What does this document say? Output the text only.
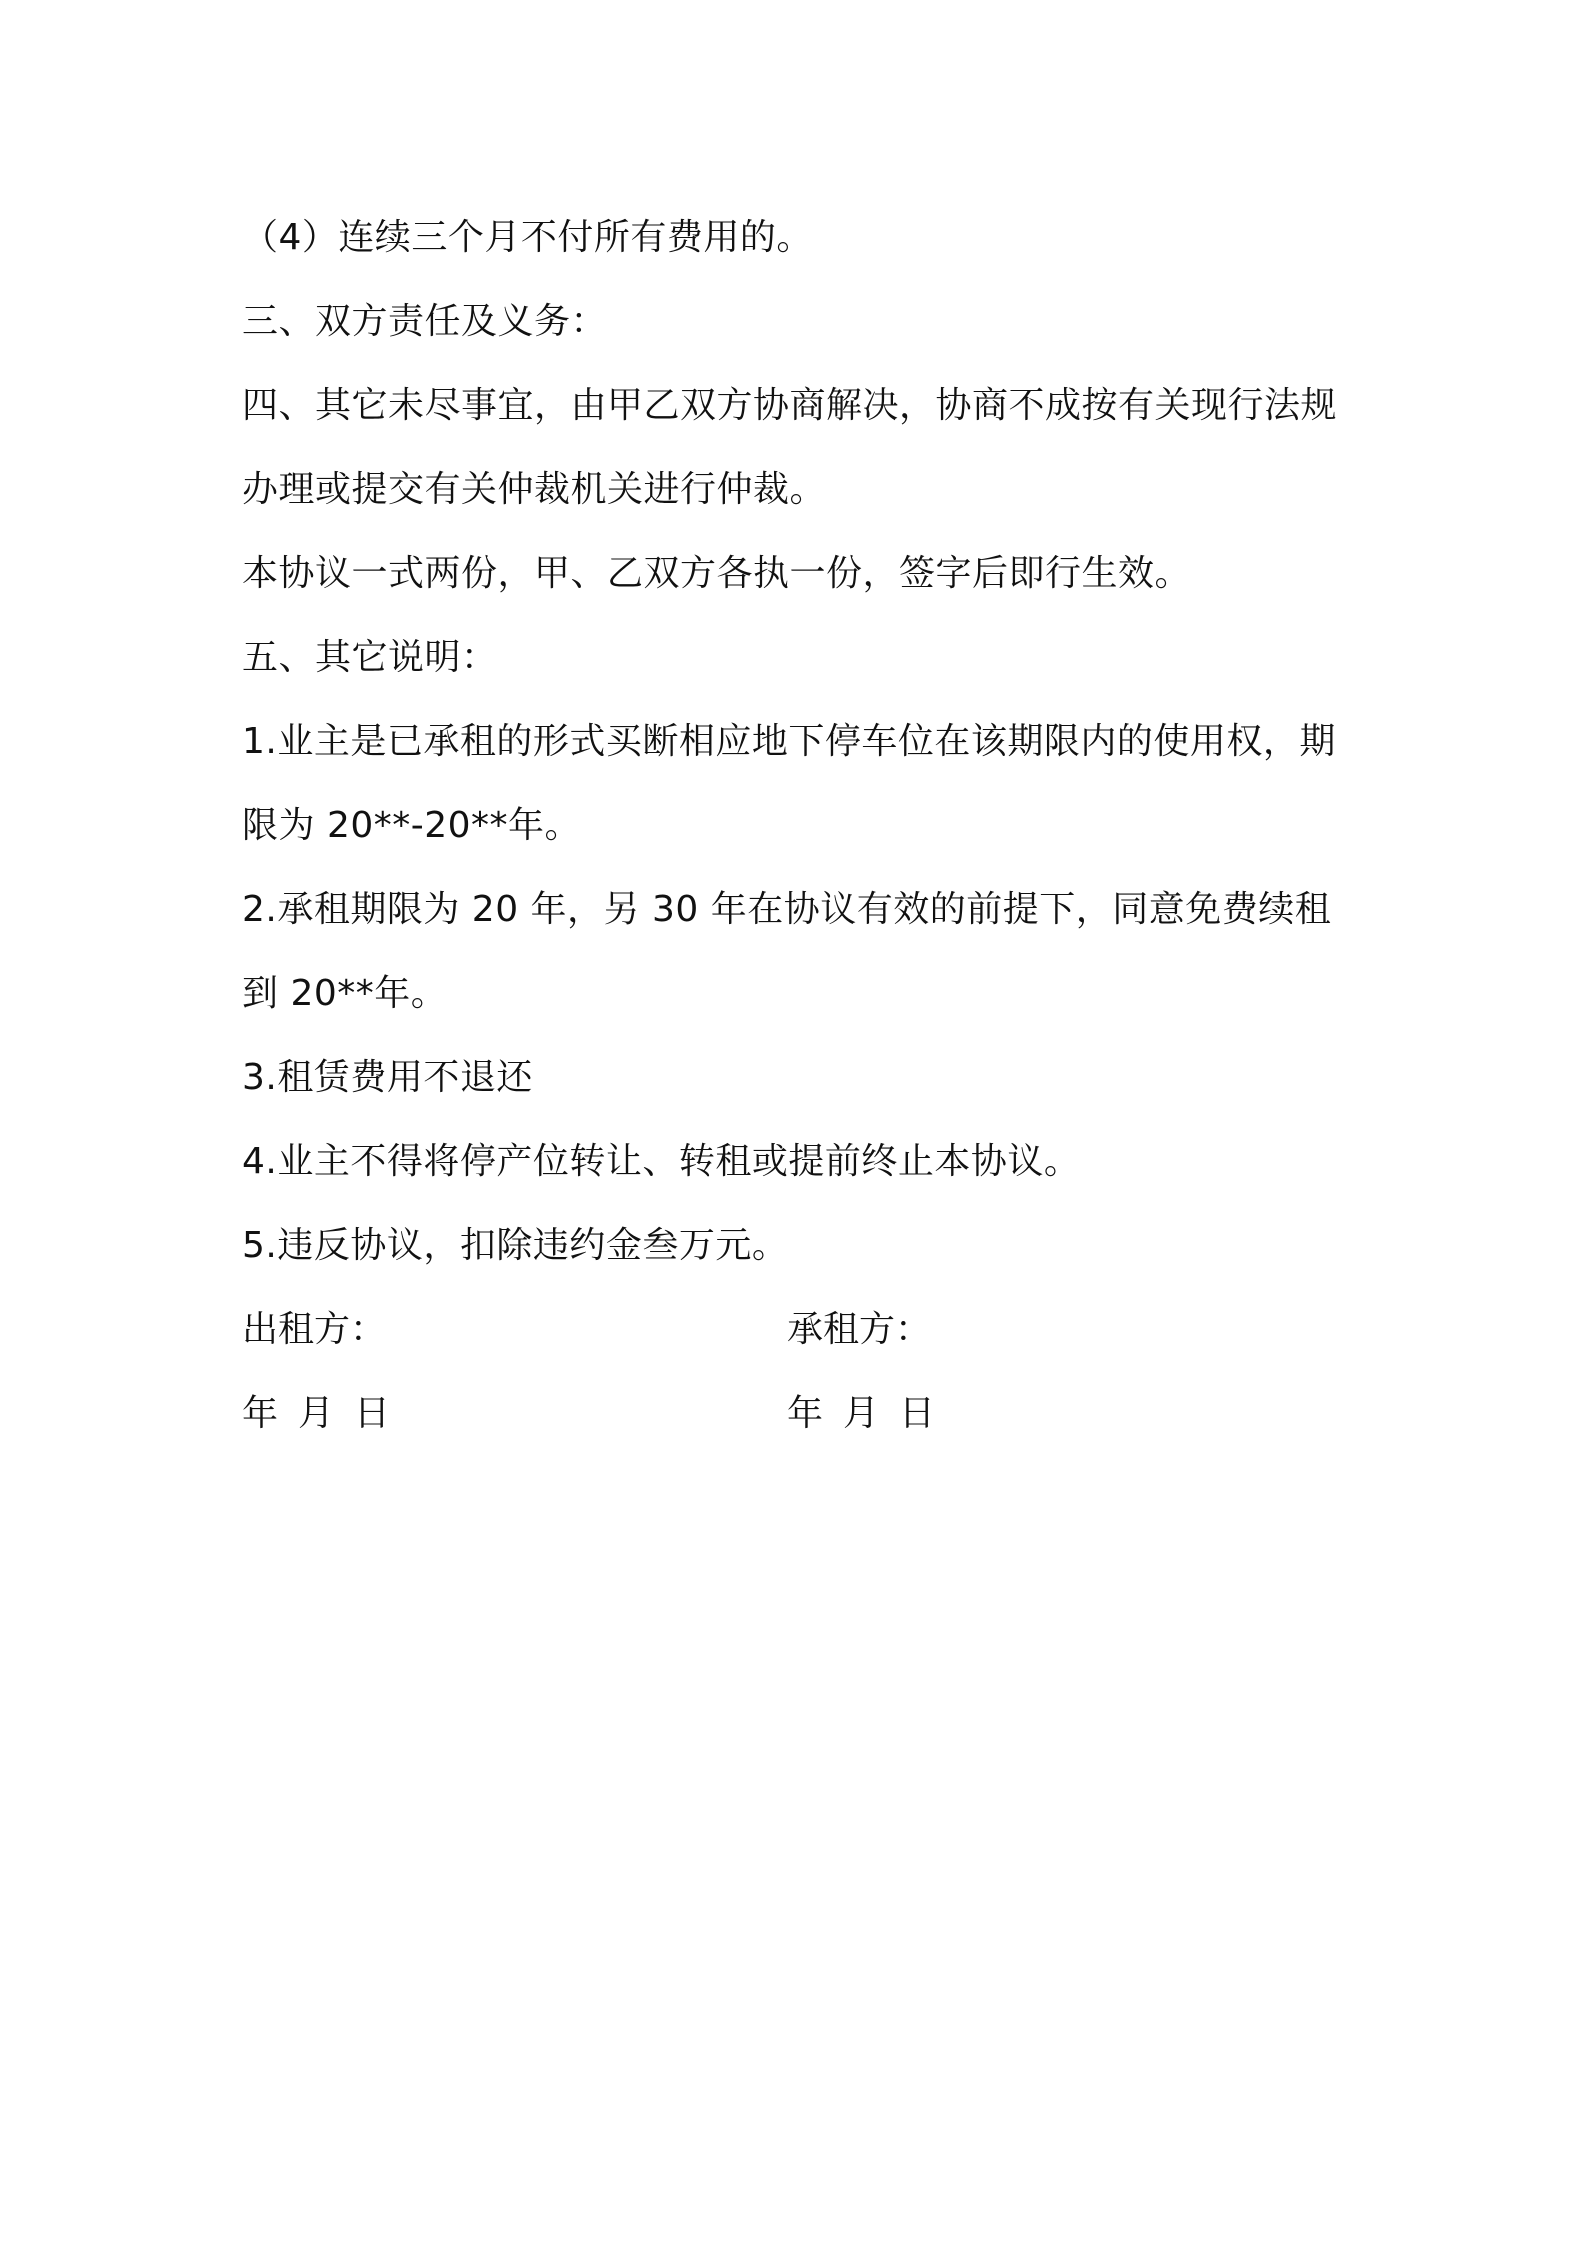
（4）连续三个月不付所有费用的。
三、双方责任及义务：
四、其它未尽事宜，由甲乙双方协商解决，协商不成按有关现行法规
办理或提交有关仲裁机关进行仲裁。
本协议一式两份，甲、乙双方各执一份，签字后即行生效。
五、其它说明：
1.业主是已承租的形式买断相应地下停车位在该期限内的使用权，期
限为 20**-20**年。
2.承租期限为 20 年，另 30 年在协议有效的前提下，同意免费续租
到 20**年。
3.租赁费用不退还
4.业主不得将停产位转让、转租或提前终止本协议。
5.违反协议，扣除违约金叁万元。
出租方：	承租方：
年 月 日	年 月 日
